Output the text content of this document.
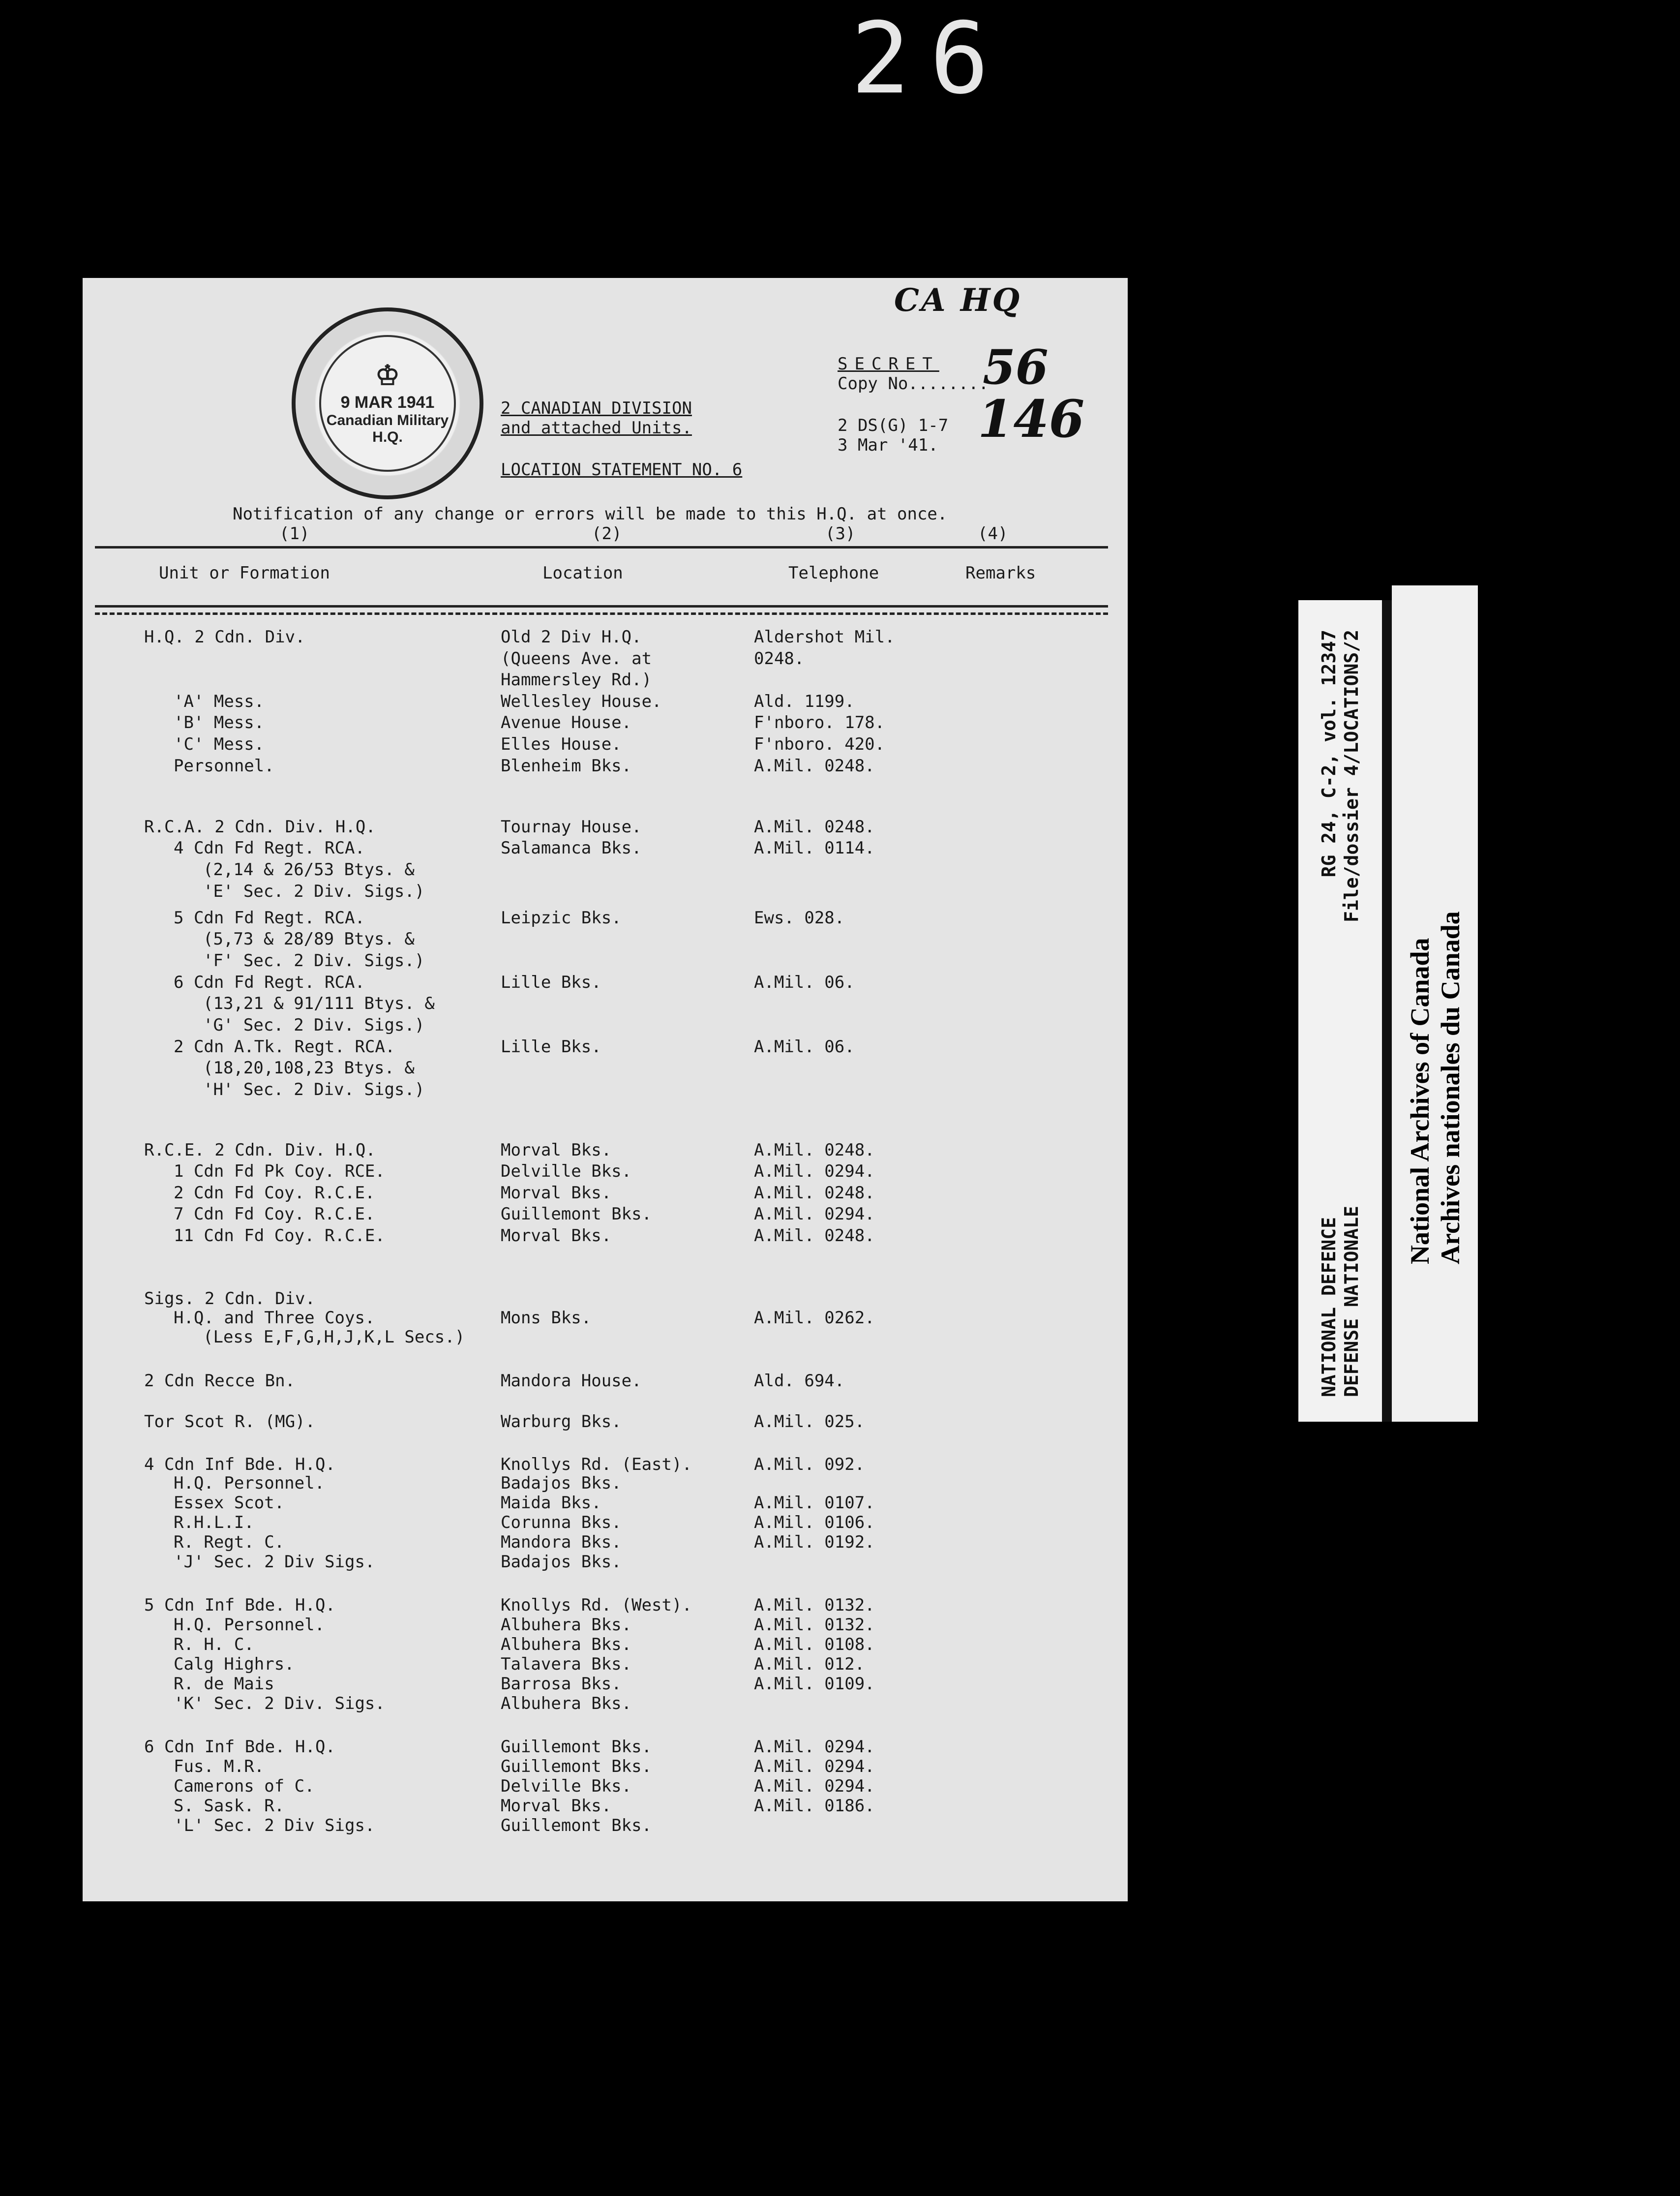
26
CA HQ
♔
9 MAR 1941
Canadian Military
H.Q.
SECRET
Copy No........
56
2 CANADIAN DIVISION
and attached Units.	2 DS(G) 1-7
3 Mar '41. 146
LOCATION STATEMENT NO. 6
Notification of any change or errors will be made to this H.Q. at once.
(1)	(2)	(3)	(4)
Unit or Formation	Location	Telephone	Remarks
H.Q. 2 Cdn. Div.	Old 2 Div H.Q.	Aldershot Mil.
(Queens Ave. at	0248.
Hammersley Rd.)
'A' Mess.	Wellesley House.	Ald. 1199.
'B' Mess.	Avenue House.	F'nboro. 178.
'C' Mess.	Elles House.	F'nboro. 420.
Personnel.	Blenheim Bks.	A.Mil. 0248.
R.C.A. 2 Cdn. Div. H.Q.	Tournay House.	A.Mil. 0248.
4 Cdn Fd Regt. RCA.	Salamanca Bks.	A.Mil. 0114.
(2,14 & 26/53 Btys. &
'E' Sec. 2 Div. Sigs.)
5 Cdn Fd Regt. RCA.	Leipzic Bks.	Ews. 028.
(5,73 & 28/89 Btys. &
'F' Sec. 2 Div. Sigs.)
6 Cdn Fd Regt. RCA.	Lille Bks.	A.Mil. 06.
(13,21 & 91/111 Btys. &
'G' Sec. 2 Div. Sigs.)
2 Cdn A.Tk. Regt. RCA.	Lille Bks.	A.Mil. 06.
(18,20,108,23 Btys. &
'H' Sec. 2 Div. Sigs.)
R.C.E. 2 Cdn. Div. H.Q.	Morval Bks.	A.Mil. 0248.
1 Cdn Fd Pk Coy. RCE.	Delville Bks.	A.Mil. 0294.
2 Cdn Fd Coy. R.C.E.	Morval Bks.	A.Mil. 0248.
7 Cdn Fd Coy. R.C.E.	Guillemont Bks.	A.Mil. 0294.
11 Cdn Fd Coy. R.C.E.	Morval Bks.	A.Mil. 0248.
Sigs. 2 Cdn. Div.
H.Q. and Three Coys.	Mons Bks.	A.Mil. 0262.
(Less E,F,G,H,J,K,L Secs.)
2 Cdn Recce Bn.	Mandora House.	Ald. 694.
Tor Scot R. (MG).	Warburg Bks.	A.Mil. 025.
4 Cdn Inf Bde. H.Q.	Knollys Rd. (East).	A.Mil. 092.
H.Q. Personnel.	Badajos Bks.
Essex Scot.	Maida Bks.	A.Mil. 0107.
R.H.L.I.	Corunna Bks.	A.Mil. 0106.
R. Regt. C.	Mandora Bks.	A.Mil. 0192.
'J' Sec. 2 Div Sigs.	Badajos Bks.
5 Cdn Inf Bde. H.Q.	Knollys Rd. (West).	A.Mil. 0132.
H.Q. Personnel.	Albuhera Bks.	A.Mil. 0132.
R. H. C.	Albuhera Bks.	A.Mil. 0108.
Calg Highrs.	Talavera Bks.	A.Mil. 012.
R. de Mais	Barrosa Bks.	A.Mil. 0109.
'K' Sec. 2 Div. Sigs.	Albuhera Bks.
6 Cdn Inf Bde. H.Q.	Guillemont Bks.	A.Mil. 0294.
Fus. M.R.	Guillemont Bks.	A.Mil. 0294.
Camerons of C.	Delville Bks.	A.Mil. 0294.
S. Sask. R.	Morval Bks.	A.Mil. 0186.
'L' Sec. 2 Div Sigs.	Guillemont Bks.
NATIONAL DEFENCE DEFENSE NATIONALE
RG 24, C-2, vol. 12347 File/dossier 4/LOCATIONS/2
National Archives of Canada Archives nationales du Canada
